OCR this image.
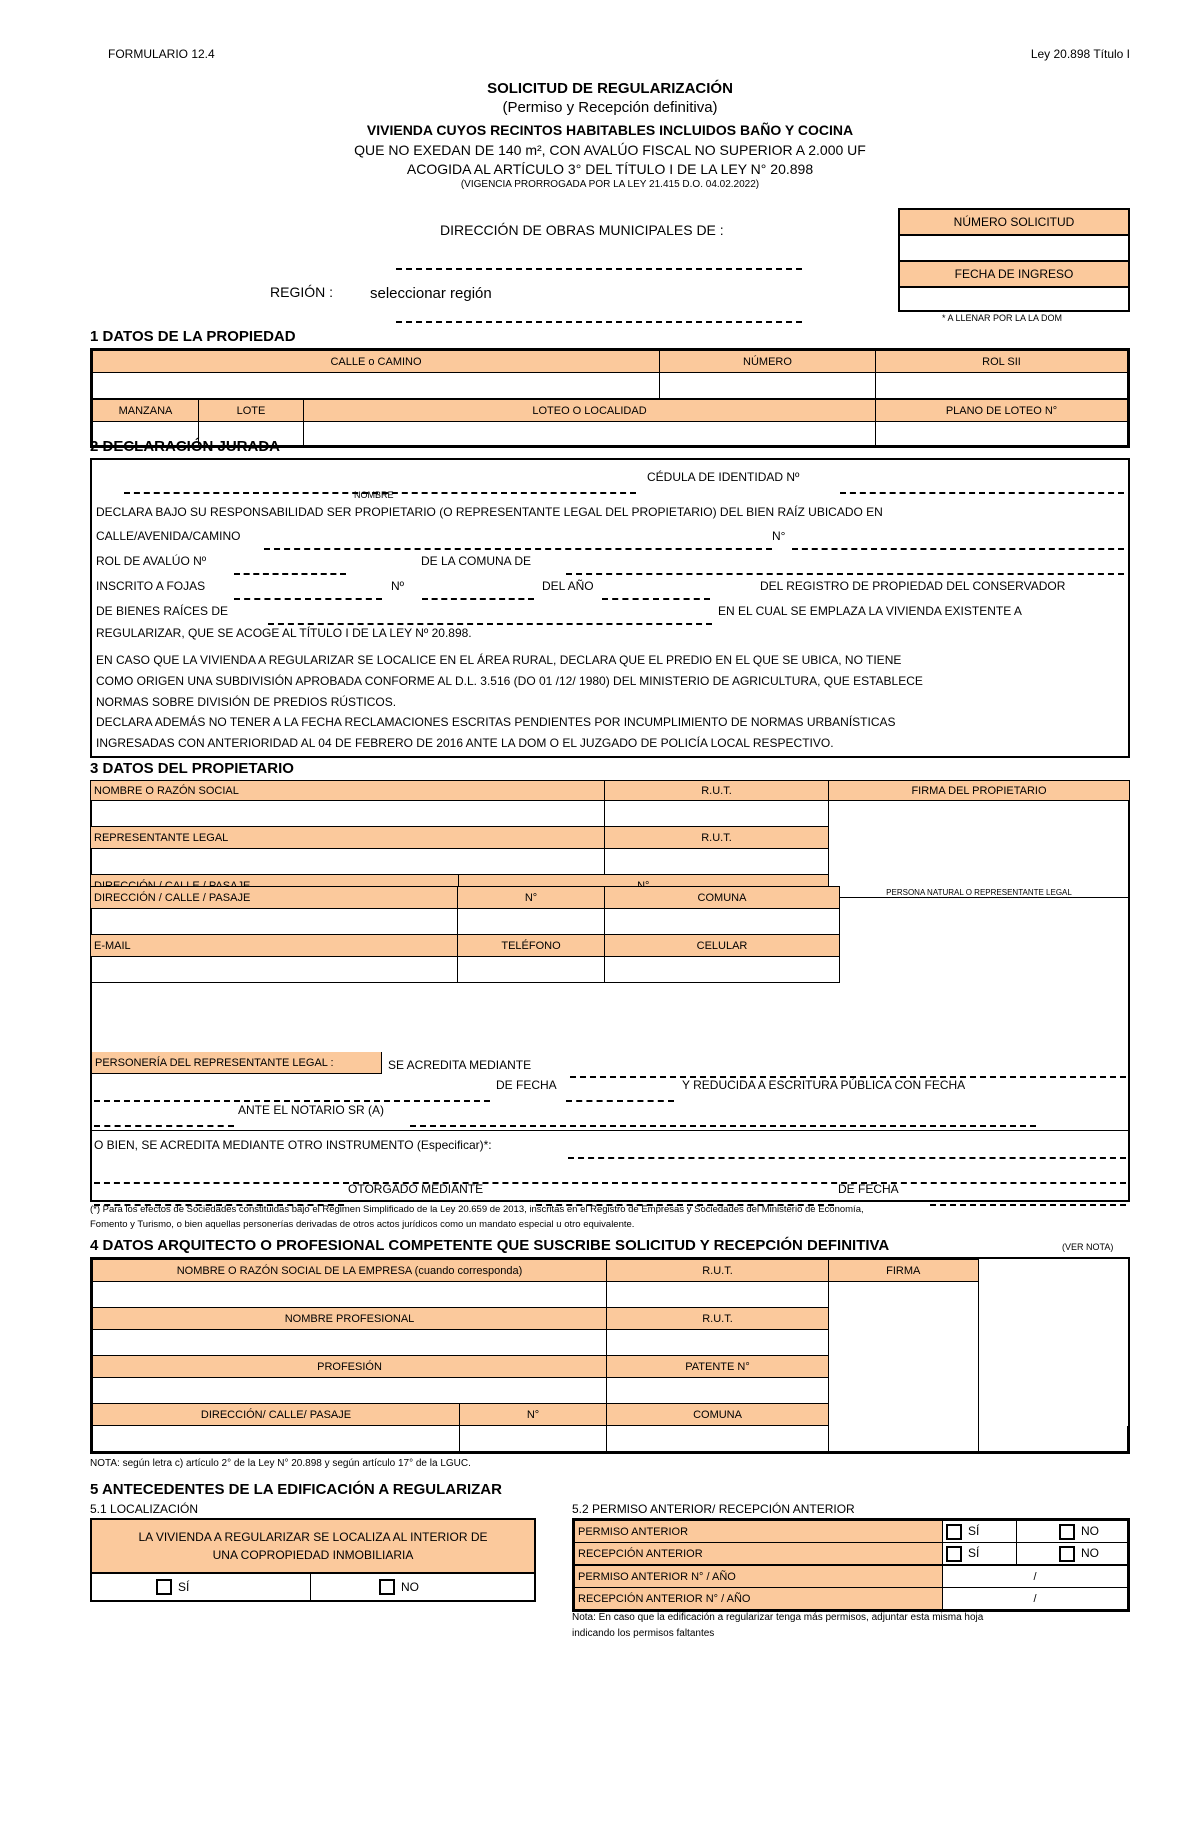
FORMULARIO 12.4	Ley 20.898 Título I
SOLICITUD DE REGULARIZACIÓN
(Permiso y Recepción definitiva)
VIVIENDA CUYOS RECINTOS HABITABLES INCLUIDOS BAÑO Y COCINA
QUE NO EXEDAN DE 140 m², CON AVALÚO FISCAL NO SUPERIOR A 2.000 UF
ACOGIDA AL ARTÍCULO 3° DEL TÍTULO I DE LA LEY N° 20.898
(VIGENCIA PRORROGADA POR LA LEY 21.415 D.O. 04.02.2022)
DIRECCIÓN DE OBRAS MUNICIPALES DE :
REGIÓN : seleccionar región
NÚMERO SOLICITUD
FECHA DE INGRESO
* A LLENAR POR LA LA DOM
1 DATOS DE LA PROPIEDAD
CALLE o CAMINO	NÚMERO	ROL SII

MANZANA	LOTE	LOTEO O LOCALIDAD	PLANO DE LOTEO N°

2 DECLARACIÓN JURADA
CÉDULA DE IDENTIDAD Nº
NOMBRE
DECLARA BAJO SU RESPONSABILIDAD SER PROPIETARIO (O REPRESENTANTE LEGAL DEL PROPIETARIO) DEL BIEN RAÍZ UBICADO EN
CALLE/AVENIDA/CAMINO	N°
ROL DE AVALÚO Nº	DE LA COMUNA DE
INSCRITO A FOJAS	Nº	DEL AÑO	DEL REGISTRO DE PROPIEDAD DEL CONSERVADOR
DE BIENES RAÍCES DE	EN EL CUAL SE EMPLAZA LA VIVIENDA EXISTENTE A
REGULARIZAR, QUE SE ACOGE AL TÍTULO I DE LA LEY Nº 20.898.
EN CASO QUE LA VIVIENDA A REGULARIZAR SE LOCALICE EN EL ÁREA RURAL, DECLARA QUE EL PREDIO EN EL QUE SE UBICA, NO TIENE
COMO ORIGEN UNA SUBDIVISIÓN APROBADA CONFORME AL D.L. 3.516 (DO 01 /12/ 1980) DEL MINISTERIO DE AGRICULTURA, QUE ESTABLECE
NORMAS SOBRE DIVISIÓN DE PREDIOS RÚSTICOS.
DECLARA ADEMÁS NO TENER A LA FECHA RECLAMACIONES ESCRITAS PENDIENTES POR INCUMPLIMIENTO DE NORMAS URBANÍSTICAS
INGRESADAS CON ANTERIORIDAD AL 04 DE FEBRERO DE 2016 ANTE LA DOM O EL JUZGADO DE POLICÍA LOCAL RESPECTIVO.
3 DATOS DEL PROPIETARIO
NOMBRE O RAZÓN SOCIAL	R.U.T.	FIRMA DEL PROPIETARIO
		PERSONA NATURAL O REPRESENTANTE LEGAL
REPRESENTANTE LEGAL	R.U.T.

DIRECCIÓN / CALLE / PASAJE	N°	COMUNA

E-MAIL	TELÉFONO	CELULAR

PERSONERÍA DEL REPRESENTANTE LEGAL :	SE ACREDITA MEDIANTE
DE FECHA	Y REDUCIDA A ESCRITURA PÚBLICA CON FECHA
ANTE EL NOTARIO SR (A)
O BIEN, SE ACREDITA MEDIANTE OTRO INSTRUMENTO (Especificar)*:
OTORGADO MEDIANTE	DE FECHA
(*) Para los efectos de Sociedades constituidas bajo el Régimen Simplificado de la Ley 20.659 de 2013, inscritas en el Registro de Empresas y Sociedades del Ministerio de Economía,
Fomento y Turismo, o bien aquellas personerías derivadas de otros actos jurídicos como un mandato especial u otro equivalente.
4 DATOS ARQUITECTO O PROFESIONAL COMPETENTE QUE SUSCRIBE SOLICITUD Y RECEPCIÓN DEFINITIVA	(VER NOTA)
NOMBRE O RAZÓN SOCIAL DE LA EMPRESA (cuando corresponda)		R.U.T.	FIRMA	

NOMBRE PROFESIONAL		R.U.T.		

PROFESIÓN		PATENTE N°		

DIRECCIÓN/ CALLE/ PASAJE	N°	COMUNA		

NOTA: según letra c) artículo 2° de la Ley N° 20.898 y según artículo 17° de la LGUC.
5 ANTECEDENTES DE LA EDIFICACIÓN A REGULARIZAR
5.1 LOCALIZACIÓN
LA VIVIENDA A REGULARIZAR SE LOCALIZA AL INTERIOR DE
UNA COPROPIEDAD INMOBILIARIA
SÍ	NO
5.2 PERMISO ANTERIOR/ RECEPCIÓN ANTERIOR
PERMISO ANTERIOR	SÍ	NO
RECEPCIÓN ANTERIOR	SÍ	NO
PERMISO ANTERIOR N° / AÑO	/
RECEPCIÓN ANTERIOR N° / AÑO	/
Nota: En caso que la edificación a regularizar tenga más permisos, adjuntar esta misma hoja
indicando los permisos faltantes
